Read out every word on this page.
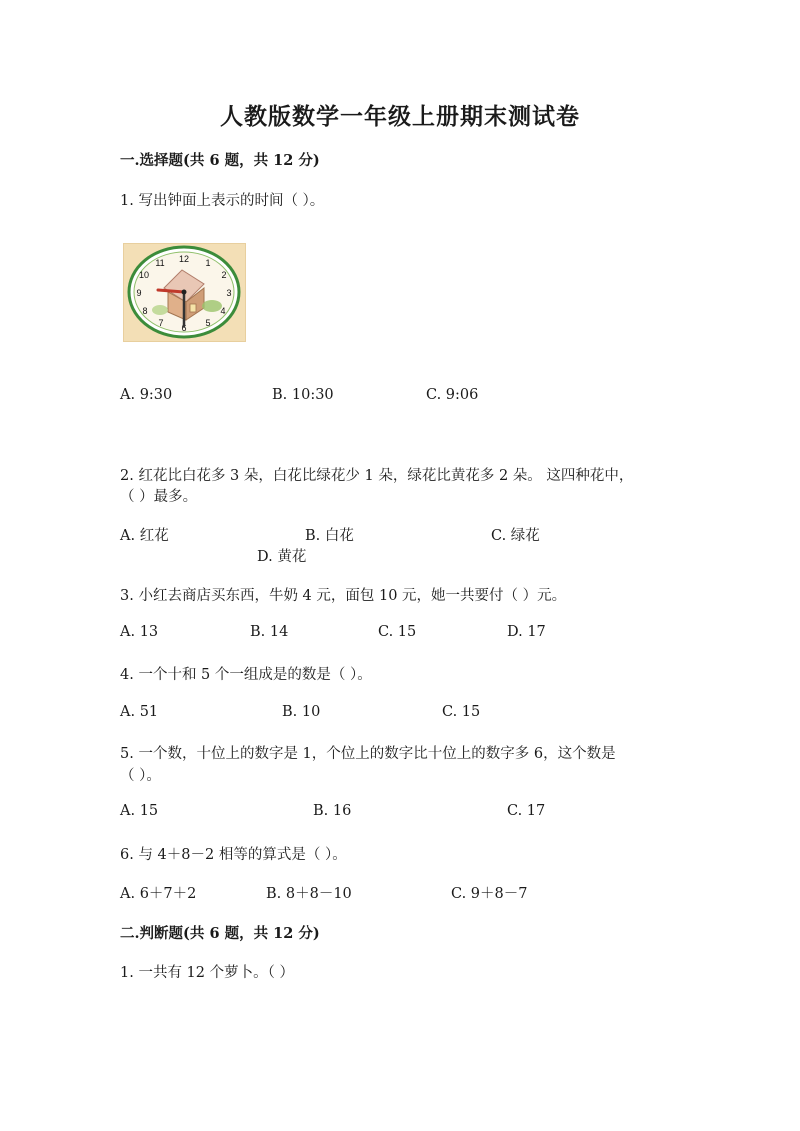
人教版数学一年级上册期末测试卷
一.选择题(共 6 题，共 12 分)
1. 写出钟面上表示的时间（ ）。
12 1
2
3
4
5
6
7
8
9
10
11
A. 9:30	B. 10:30	C. 9:06
2. 红花比白花多 3 朵，白花比绿花少 1 朵，绿花比黄花多 2 朵。 这四种花中，
（ ）最多。
A. 红花	B. 白花	C. 绿花
D. 黄花
3. 小红去商店买东西，牛奶 4 元，面包 10 元，她一共要付（ ）元。
A. 13	B. 14	C. 15	D. 17
4. 一个十和 5 个一组成是的数是（ ）。
A. 51	B. 10	C. 15
5. 一个数，十位上的数字是 1，个位上的数字比十位上的数字多 6，这个数是
（ ）。
A. 15	B. 16	C. 17
6. 与 4＋8－2 相等的算式是（ ）。
A. 6＋7＋2	B. 8＋8－10	C. 9＋8－7
二.判断题(共 6 题，共 12 分)
1. 一共有 12 个萝卜。（ ）
